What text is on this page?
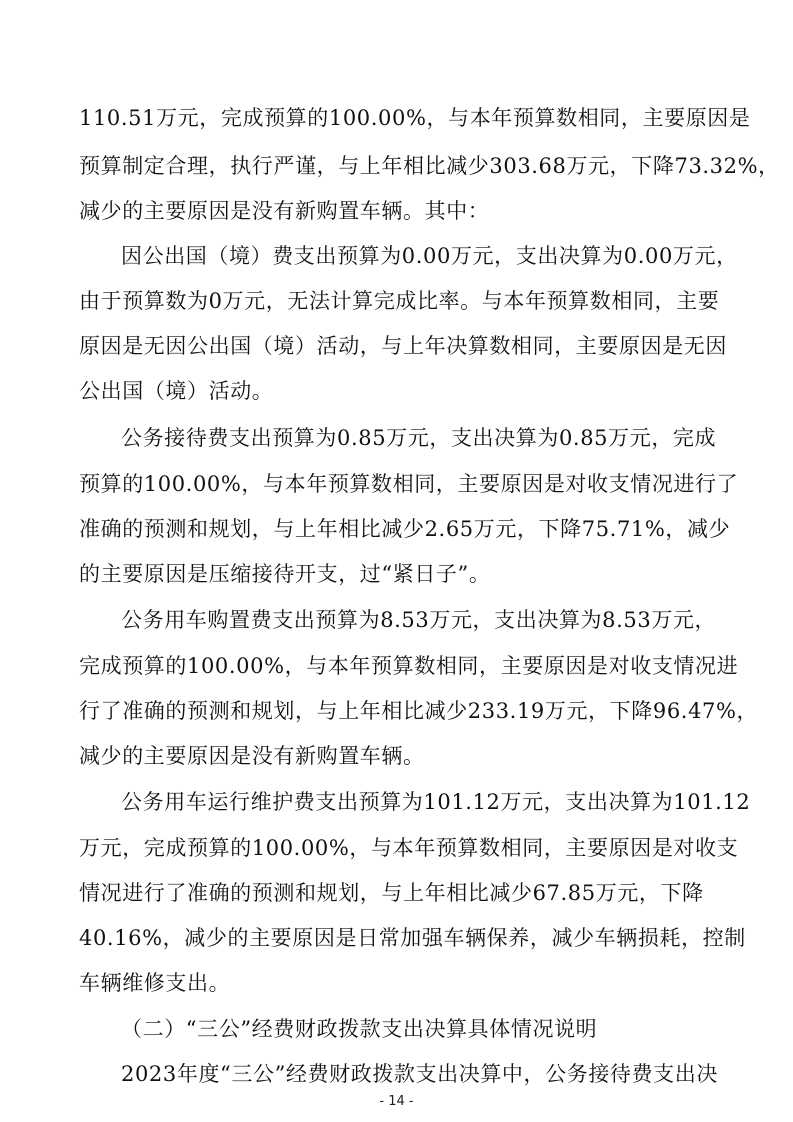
110.51万元，完成预算的100.00%，与本年预算数相同，主要原因是
预算制定合理，执行严谨，与上年相比减少303.68万元，下降73.32%，
减少的主要原因是没有新购置车辆。其中：
因公出国（境）费支出预算为0.00万元，支出决算为0.00万元，
由于预算数为0万元，无法计算完成比率。与本年预算数相同，主要
原因是无因公出国（境）活动，与上年决算数相同，主要原因是无因
公出国（境）活动。
公务接待费支出预算为0.85万元，支出决算为0.85万元，完成
预算的100.00%，与本年预算数相同，主要原因是对收支情况进行了
准确的预测和规划，与上年相比减少2.65万元，下降75.71%，减少
的主要原因是压缩接待开支，过“紧日子”。
公务用车购置费支出预算为8.53万元，支出决算为8.53万元，
完成预算的100.00%，与本年预算数相同，主要原因是对收支情况进
行了准确的预测和规划，与上年相比减少233.19万元，下降96.47%，
减少的主要原因是没有新购置车辆。
公务用车运行维护费支出预算为101.12万元，支出决算为101.12
万元，完成预算的100.00%，与本年预算数相同，主要原因是对收支
情况进行了准确的预测和规划，与上年相比减少67.85万元，下降
40.16%，减少的主要原因是日常加强车辆保养，减少车辆损耗，控制
车辆维修支出。
（二）“三公”经费财政拨款支出决算具体情况说明
2023年度“三公”经费财政拨款支出决算中，公务接待费支出决
- 14 -
